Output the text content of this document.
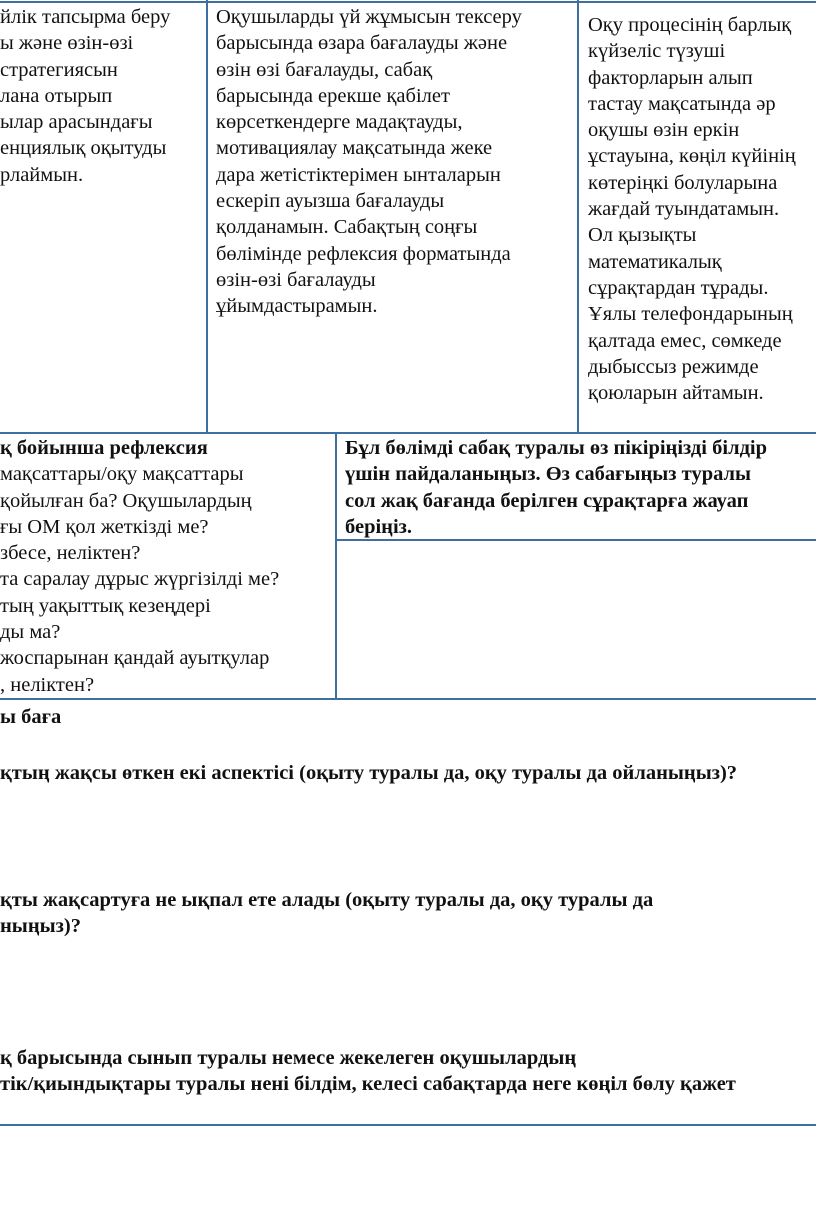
йлік тапсырма беру
ы және өзін-өзі
стратегиясын
лана отырып
ылар арасындағы
енциялық оқытуды
рлаймын.
Оқушыларды үй жұмысын тексеру
барысында өзара бағалауды және
өзін өзі бағалауды, сабақ
барысында ерекше қабілет
көрсеткендерге мадақтауды,
мотивациялау мақсатында жеке
дара жетістіктерімен ынталарын
ескеріп ауызша бағалауды
қолданамын. Сабақтың соңғы
бөлімінде рефлексия форматында
өзін-өзі бағалауды
ұйымдастырамын.
Оқу процесінің барлық
күйзеліс түзуші
факторларын алып
тастау мақсатында әр
оқушы өзін еркін
ұстауына, көңіл күйінің
көтеріңкі болуларына
жағдай туындатамын.
Ол қызықты
математикалық
сұрақтардан тұрады.
Ұялы телефондарының
қалтада емес, сөмкеде
дыбыссыз режимде
қоюларын айтамын.
қ бойынша рефлексия
мақсаттары/оқу мақсаттары
қойылған ба? Оқушылардың
ғы ОМ қол жеткізді ме?
збесе, неліктен?
та саралау дұрыс жүргізілді ме?
тың уақыттық кезеңдері
ды ма?
жоспарынан қандай ауытқулар
, неліктен?
Бұл бөлімді сабақ туралы өз пікіріңізді білдір
үшін пайдаланыңыз. Өз сабағыңыз туралы
сол жақ бағанда берілген сұрақтарға жауап
беріңіз.
ы баға
қтың жақсы өткен екі аспектісі (оқыту туралы да, оқу туралы да ойланыңыз)?
қты жақсартуға не ықпал ете алады (оқыту туралы да, оқу туралы да
ныңыз)?
қ барысында сынып туралы немесе жекелеген оқушылардың
тік/қиындықтары туралы нені білдім, келесі сабақтарда неге көңіл бөлу қажет
